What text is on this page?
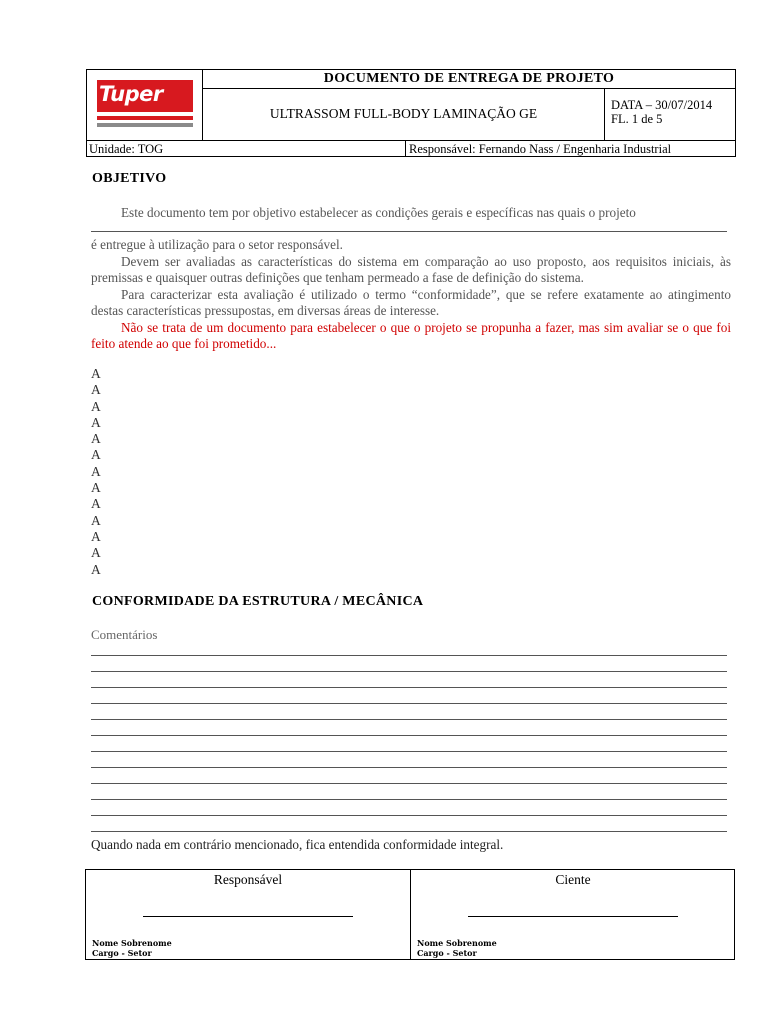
Tuper
DOCUMENTO DE ENTREGA DE PROJETO
ULTRASSOM FULL-BODY LAMINAÇÃO GE
DATA – 30/07/2014
FL. 1 de 5
Unidade: TOG	Responsável: Fernando Nass / Engenharia Industrial
OBJETIVO

Este documento tem por objetivo estabelecer as condições gerais e específicas nas quais o projeto

é entregue à utilização para o setor responsável.

Devem ser avaliadas as características do sistema em comparação ao uso proposto, aos requisitos iniciais, às premissas e quaisquer outras definições que tenham permeado a fase de definição do sistema.

Para caracterizar esta avaliação é utilizado o termo “conformidade”, que se refere exatamente ao atingimento destas características pressupostas, em diversas áreas de interesse.

Não se trata de um documento para estabelecer o que o projeto se propunha a fazer, mas sim avaliar se o que foi feito atende ao que foi prometido...

A
A
A
A
A
A
A
A
A
A
A
A
A
CONFORMIDADE DA ESTRUTURA / MECÂNICA
Comentários
Quando nada em contrário mencionado, fica entendida conformidade integral.
Responsável
Nome Sobrenome
Cargo - Setor
Ciente
Nome Sobrenome
Cargo - Setor
